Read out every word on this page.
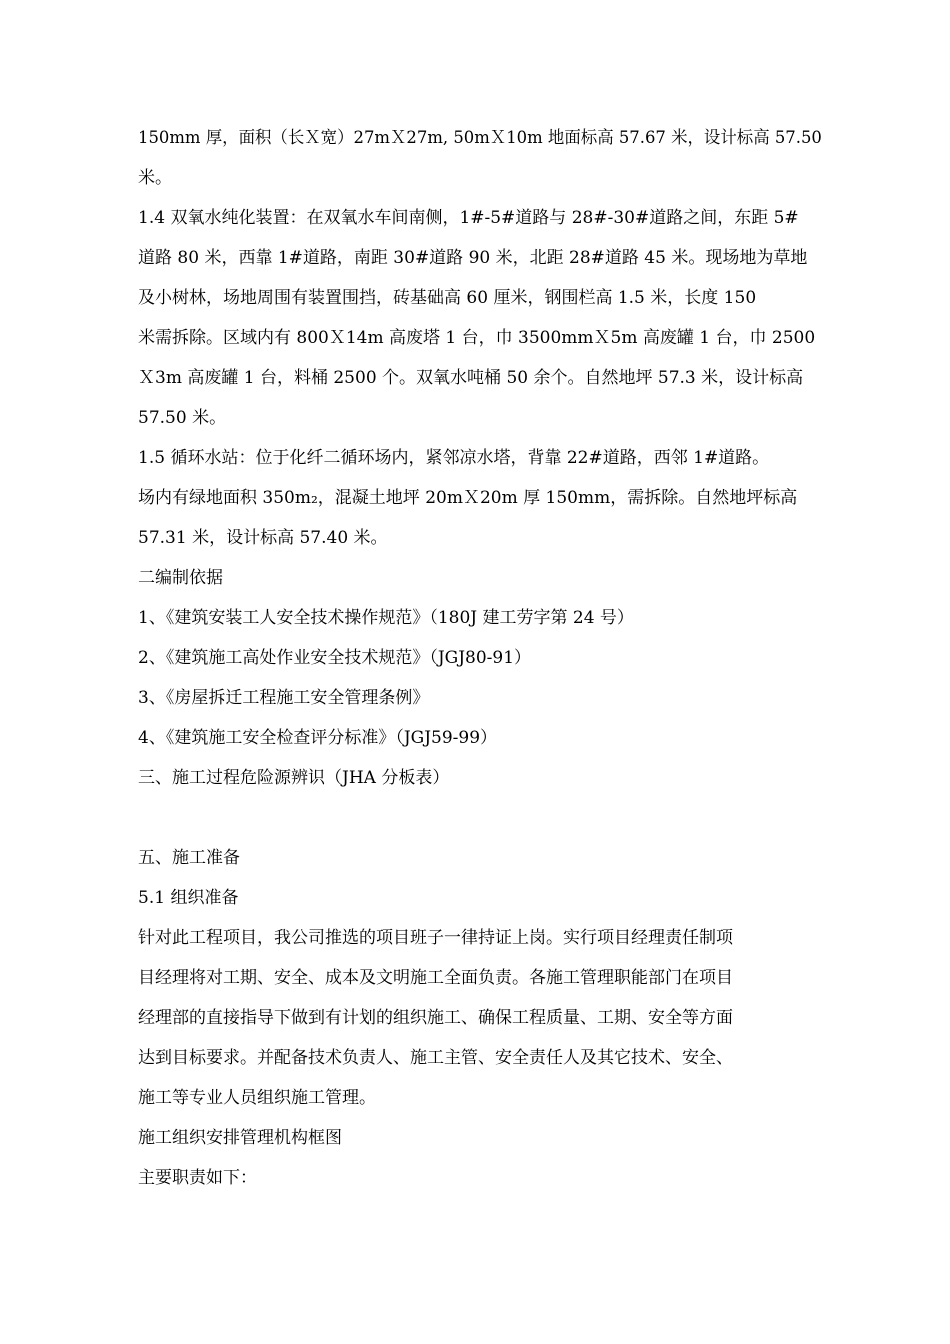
150mm 厚，面积（长Ｘ宽）27mＸ27m, 50mＸ10m 地面标高 57.67 米，设计标高 57.50
米。
1.4 双氧水纯化装置：在双氧水车间南侧，1#-5#道路与 28#-30#道路之间，东距 5#
道路 80 米，西靠 1#道路，南距 30#道路 90 米，北距 28#道路 45 米。现场地为草地
及小树林，场地周围有装置围挡，砖基础高 60 厘米，钢围栏高 1.5 米，长度 150
米需拆除。区域内有 800Ｘ14m 高废塔 1 台，巾 3500mmＸ5m 高废罐 1 台，巾 2500
Ｘ3m 高废罐 1 台，料桶 2500 个。双氧水吨桶 50 余个。自然地坪 57.3 米，设计标高
57.50 米。
1.5 循环水站：位于化纤二循环场内，紧邻凉水塔，背靠 22#道路，西邻 1#道路。
场内有绿地面积 350m₂，混凝土地坪 20mＸ20m 厚 150mm，需拆除。自然地坪标高
57.31 米，设计标高 57.40 米。
二编制依据
1、《建筑安装工人安全技术操作规范》（180J 建工劳字第 24 号）
2、《建筑施工高处作业安全技术规范》（JGJ80-91）
3、《房屋拆迁工程施工安全管理条例》
4、《建筑施工安全检查评分标准》（JGJ59-99）
三、施工过程危险源辨识（JHA 分板表）
五、施工准备
5.1 组织准备
针对此工程项目，我公司推选的项目班子一律持证上岗。实行项目经理责任制项
目经理将对工期、安全、成本及文明施工全面负责。各施工管理职能部门在项目
经理部的直接指导下做到有计划的组织施工、确保工程质量、工期、安全等方面
达到目标要求。并配备技术负责人、施工主管、安全责任人及其它技术、安全、
施工等专业人员组织施工管理。
施工组织安排管理机构框图
主要职责如下：
